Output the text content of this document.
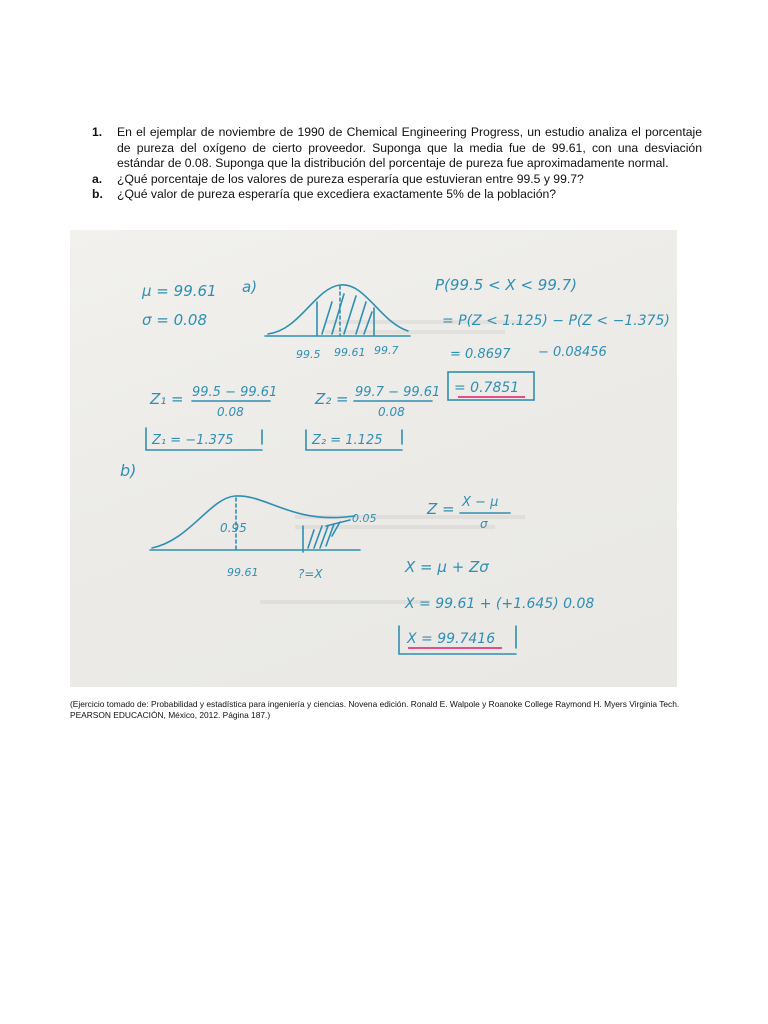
1.	En el ejemplar de noviembre de 1990 de Chemical Engineering Progress, un estudio analiza el porcentaje de pureza del oxígeno de cierto proveedor. Suponga que la media fue de 99.61, con una desviación estándar de 0.08. Suponga que la distribución del porcentaje de pureza fue aproximadamente normal.
a.	¿Qué porcentaje de los valores de pureza esperaría que estuvieran entre 99.5 y 99.7?
b.	¿Qué valor de pureza esperaría que excediera exactamente 5% de la población?
μ = 99.61
σ = 0.08
a)
99.5 99.61 99.7
P(99.5 < X < 99.7)
= P(Z < 1.125) − P(Z < −1.375)
= 0.8697 − 0.08456
= 0.7851
Z₁ = 99.5 − 99.61
0.08
Z₂ = 99.7 − 99.61
0.08
Z₁ = −1.375	Z₂ = 1.125
b)
0.95
0.05
99.61	?=X
Z = X − μ
σ
X = μ + Zσ
X = 99.61 + (+1.645) 0.08
X = 99.7416
(Ejercicio tomado de: Probabilidad y estadística para ingeniería y ciencias. Novena edición. Ronald E. Walpole y Roanoke College Raymond H. Myers Virginia Tech. PEARSON EDUCACIÓN, México, 2012. Página 187.)
